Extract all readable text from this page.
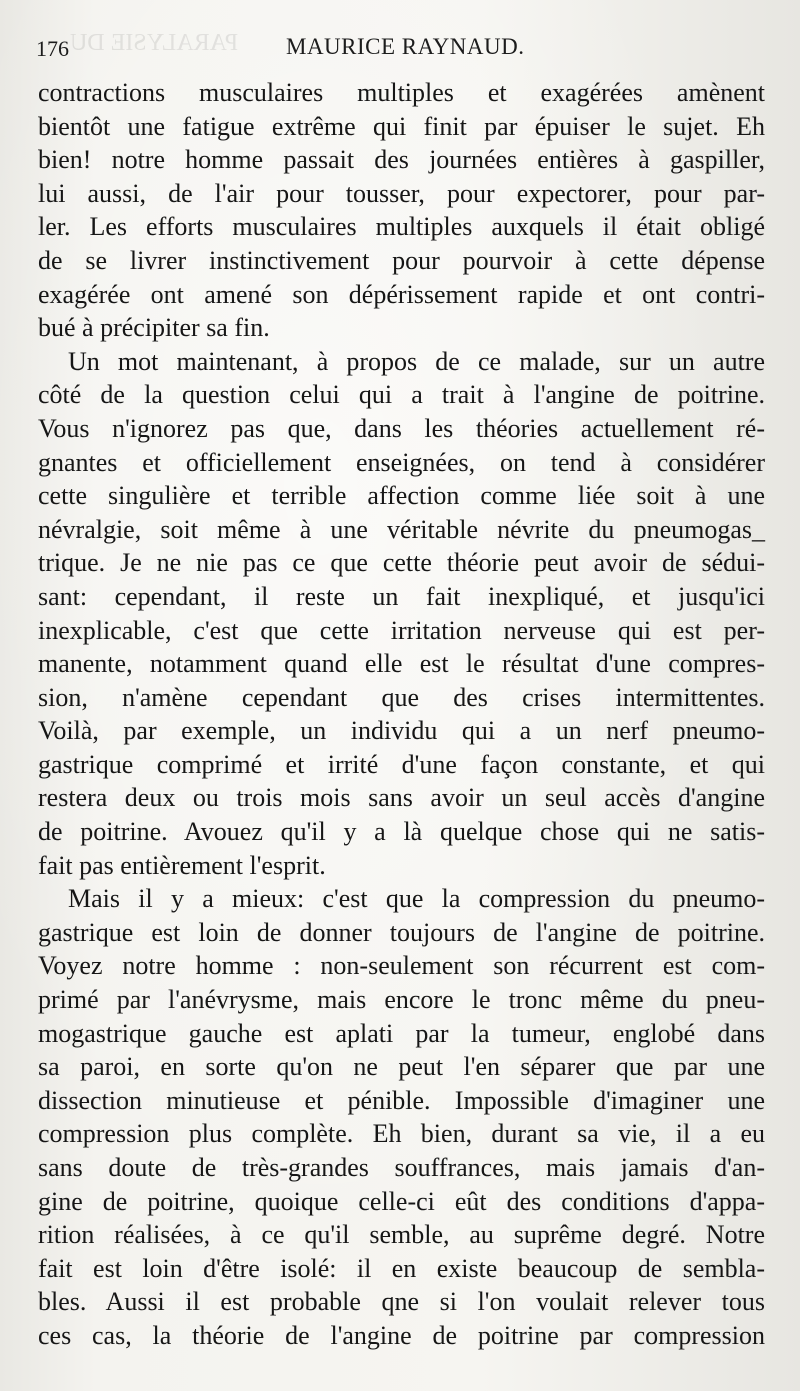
PARALYSIE DU
176	MAURICE RAYNAUD.
contractions musculaires multiples et exagérées amènent
bientôt une fatigue extrême qui finit par épuiser le sujet. Eh
bien! notre homme passait des journées entières à gaspiller,
lui aussi, de l'air pour tousser, pour expectorer, pour par-
ler. Les efforts musculaires multiples auxquels il était obligé
de se livrer instinctivement pour pourvoir à cette dépense
exagérée ont amené son dépérissement rapide et ont contri-
bué à précipiter sa fin.
Un mot maintenant, à propos de ce malade, sur un autre
côté de la question celui qui a trait à l'angine de poitrine.
Vous n'ignorez pas que, dans les théories actuellement ré-
gnantes et officiellement enseignées, on tend à considérer
cette singulière et terrible affection comme liée soit à une
névralgie, soit même à une véritable névrite du pneumogas_
trique. Je ne nie pas ce que cette théorie peut avoir de sédui-
sant: cependant, il reste un fait inexpliqué, et jusqu'ici
inexplicable, c'est que cette irritation nerveuse qui est per-
manente, notamment quand elle est le résultat d'une compres-
sion, n'amène cependant que des crises intermittentes.
Voilà, par exemple, un individu qui a un nerf pneumo-
gastrique comprimé et irrité d'une façon constante, et qui
restera deux ou trois mois sans avoir un seul accès d'angine
de poitrine. Avouez qu'il y a là quelque chose qui ne satis-
fait pas entièrement l'esprit.
Mais il y a mieux: c'est que la compression du pneumo-
gastrique est loin de donner toujours de l'angine de poitrine.
Voyez notre homme : non-seulement son récurrent est com-
primé par l'anévrysme, mais encore le tronc même du pneu-
mogastrique gauche est aplati par la tumeur, englobé dans
sa paroi, en sorte qu'on ne peut l'en séparer que par une
dissection minutieuse et pénible. Impossible d'imaginer une
compression plus complète. Eh bien, durant sa vie, il a eu
sans doute de très-grandes souffrances, mais jamais d'an-
gine de poitrine, quoique celle-ci eût des conditions d'appa-
rition réalisées, à ce qu'il semble, au suprême degré. Notre
fait est loin d'être isolé: il en existe beaucoup de sembla-
bles. Aussi il est probable qne si l'on voulait relever tous
ces cas, la théorie de l'angine de poitrine par compression
